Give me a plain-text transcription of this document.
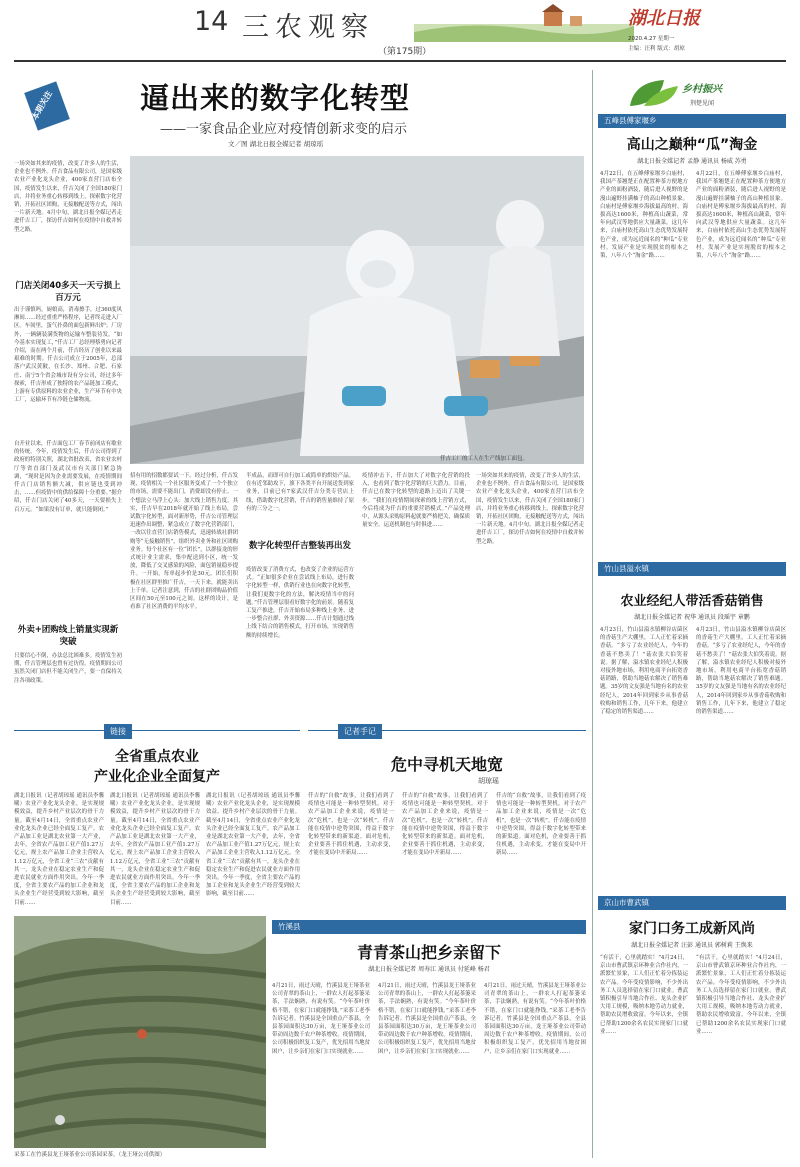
14 三农观察
（第175期）
湖北日报
2020.4.27 星期一
主编：汪利 版式：胡琼
本期关注	逼出来的数字化转型
——一家食品企业应对疫情创新求变的启示
文／图 湖北日报全媒记者 胡琼瑶
一场突如其来的疫情，改变了许多人的生活，企业也不例外。仟吉食品有限公司，是国家级农业产业化龙头企业，400家直营门店布全国，疫情发生以来，仟吉关闭了全国180家门店，并将业务重心转移到线上，探索数字化营销，开拓社区团购，无接触配送等方式，闯出一片新天地。4月中旬，湖北日报全媒记者走进仟吉工厂，探访仟吉如何在疫情中自救并转型之路。
门店关闭40多天一天亏损上百万元
出于谨慎吗，厨娘高，消毒擦手，过360度风淋间……经过重重严格程序，记者终走进入厂区。车间里，蛋气扑鼻的面包新鲜出炉；厂房外，一辆辆装满货物的运输车整装待发。“如今基本实现复工，”仟吉工厂总经理蔡勇向记者介绍，而在两个月前，仟吉经历了创业以来最艰难的时期。仟吉公司成立于2005年，总部落户武汉黄陂，在长沙、郑州、合肥、石家庄、南宁5个省会城市设有分公司，经过多年探索，仟吉形成了独特的农产品链加工模式，上游有专供原料的农业企业，生产环节有中央工厂，运输环节有冷链仓储物流。
自开业以来，仟吉面包工厂春节前闭店有歇业的传统。今年，疫情发生后，仟吉公司得到了政府的特别关照，湖北省批改表，省农业农村厅等省直部门及武汉市有关部门紧急协调，“现时是因为企业需要发展，在疫情期间仟吉门店销售额大减，供应链也受到冲击，……但疫情中的供给保障十分重要。”据介绍，仟吉门店关闭了40多天，一天要损失上百万元。“如果没有订单，就只能倒闭。”
外卖+团购线上销量实现新突破
只要信心不倒，办法总比困难多。疫情发生初期，仟吉管理层也曾有过彷徨。疫情期间公司虽然关闭门店但不能关闭生产，要一直保持关注各项政策。
仟吉工厂的工人在生产线加工面包。
招有用的招数都要试一下。经过分析，仟吉发现，疫情相关一个社区服务变成了一个个独立的市场，需要不能出门，消费却没有停止。一个想法立马浮上心头：加大线上销售力度。其实，仟吉早在2018年就开始了线上布局，尝试数字化转型，面对新形势，仟吉公司管理层迅速作出调整，紧急成立了数字化营销部门，一改以往直营门店销售模式，迅速转战社群团购等“无接触销售”，组织外卖业务和社区团购业务。每个社区有一位“团长”，以群接龙的形式统计业主需求，集中配送到小区，统一发放，降低了交叉感染的风险，面包销量稳步提升。一开始，每单起步价是30元，团长们积极在社区群里推广仟吉，一天下来，就能卖出上千单。记者注意到，仟吉的社群团购品价值区间在50元至100元之间。这样的设计，是看准了社区消费的平均水平。
半成品，而即可自行加工或简单的烘焙产品。在有近邻助攻下，旗下各类平台开展送货到家业务，目前已有7家武汉仟吉分类专营店上线，借助数字化营销，仟吉的销售量维持了原有的三分之一。
数字化转型仟吉整装再出发
疫情改变了消费方式，也改变了企业的运营方式。“正如很多企业在尝试线上布局，进行数字化转型一样，供销行业也在向数字化转型，让我们更数字化的方法，解决疫情当中的问题。”仟吉管理层很看好数字化的前景。随着复工复产推进，仟吉开始布局多种线上业务，进一步整合社群、外卖资源……仟吉计划通过线上线下结合的销售模式，打开市场，实现销售额的持续增长。
疫情冲击下，仟吉加大了对数字化营销的投入，也看到了数字化营销的巨大潜力。目前，仟吉已在数字化转型的道路上迈出了关键一步。“我们在疫情期间探索的线上营销方式，今后将成为仟吉的重要营销模式。”产品处理中，从源头采购原料起就要严格把关，确保质量安全。运送机制也与时俱进……
一场突如其来的疫情，改变了许多人的生活，企业也不例外。仟吉食品有限公司，是国家级农业产业化龙头企业，400家直营门店布全国，疫情发生以来，仟吉关闭了全国180家门店，并将业务重心转移到线上，探索数字化营销，开拓社区团购，无接触配送等方式，闯出一片新天地。4月中旬，湖北日报全媒记者走进仟吉工厂，探访仟吉如何在疫情中自救并转型之路。
乡村振兴
荆楚见闻
五峰县傅家堰乡
高山之巅种“瓜”淘金
湖北日报全媒记者 孟静 通讯员 杨威 苏勇
4月22日，在五峰傅家堰乡白庙村，我国产茶翘楚正在配置种茶方便地方产业的面粉酒装，随后进人视野的是漫山遍野挂满柚子的高山种植景象。白庙村是傅家堰乡海拔最高的村，海拔高达1600米，种植高山蔬菜，常年向武汉等地供应大量蔬菜。这几年来，白庙村依托高山生态优势发展特色产业，成为远近闻名的“种瓜”专业村。发展产业是实现脱贫的根本之策，八年八个“淘金”路……
4月22日，在五峰傅家堰乡白庙村，我国产茶翘楚正在配置种茶方便地方产业的面粉酒装，随后进人视野的是漫山遍野挂满柚子的高山种植景象。白庙村是傅家堰乡海拔最高的村，海拔高达1600米，种植高山蔬菜，常年向武汉等地供应大量蔬菜。这几年来，白庙村依托高山生态优势发展特色产业，成为远近闻名的“种瓜”专业村。发展产业是实现脱贫的根本之策，八年八个“淘金”路……
竹山县溢水镇
农业经纪人带活香菇销售
湖北日报全媒记者 祝华 通讯员 段瑶宇 章鹏
4月23日，竹山县溢水镇柳谷店菌区的香菇生产大棚里，工人正忙着采摘香菇。“多亏了农业经纪人，今年的香菇不愁卖了！”菇农张大伯笑着说。据了解，溢水镇农业经纪人积极对接外地市场，利用电商平台拓宽香菇销路，帮助当地菇农解决了销售难题。35岁的文友强是当地有名的农业经纪人，2014年回到家乡从事香菇收购和销售工作，几年下来，他建立了稳定的销售渠道……
4月23日，竹山县溢水镇柳谷店菌区的香菇生产大棚里，工人正忙着采摘香菇。“多亏了农业经纪人，今年的香菇不愁卖了！”菇农张大伯笑着说。据了解，溢水镇农业经纪人积极对接外地市场，利用电商平台拓宽香菇销路，帮助当地菇农解决了销售难题。35岁的文友强是当地有名的农业经纪人，2014年回到家乡从事香菇收购和销售工作，几年下来，他建立了稳定的销售渠道……
京山市曹武镇
家门口务工成新风尚
湖北日报全媒记者 汪彭 通讯员 郭树莉 王焕来
“有活干，心里就踏实！”4月24日，京山市曹武镇京环种业合作社内，一派繁忙景象，工人们正忙着分拣装运农产品。今年受疫情影响，不少外出务工人员选择留在家门口就业。曹武镇积极引导当地合作社、龙头企业扩大用工规模，吸纳本地劳动力就业，帮助农民增收致富。今年以来，全镇已帮助1200余名农民实现家门口就业……
“有活干，心里就踏实！”4月24日，京山市曹武镇京环种业合作社内，一派繁忙景象，工人们正忙着分拣装运农产品。今年受疫情影响，不少外出务工人员选择留在家门口就业。曹武镇积极引导当地合作社、龙头企业扩大用工规模，吸纳本地劳动力就业，帮助农民增收致富。今年以来，全镇已帮助1200余名农民实现家门口就业……
链接
全省重点农业
产业化企业全面复产
湖北日报讯（记者胡琼瑶 通讯员李馨曦）农业产业化龙头企业，是实现规模效益，提升乡村产业层次的骨干力量。截至4月14日，全省重点农业产业化龙头企业已经全面复工复产。农产品加工业是湖北农业第一大产业，去年，全省农产品加工业产值1.27万亿元，规上农产品加工企业主营收入1.12万亿元，全省工业“三农”贡献有其一，龙头企业在稳定农业生产和促进农民就业方面作用突出。今年一季度，全省主要农产品的加工企业和龙头企业生产经营受到较大影响，截至目前……
湖北日报讯（记者胡琼瑶 通讯员李馨曦）农业产业化龙头企业，是实现规模效益，提升乡村产业层次的骨干力量。截至4月14日，全省重点农业产业化龙头企业已经全面复工复产。农产品加工业是湖北农业第一大产业，去年，全省农产品加工业产值1.27万亿元，规上农产品加工企业主营收入1.12万亿元，全省工业“三农”贡献有其一，龙头企业在稳定农业生产和促进农民就业方面作用突出。今年一季度，全省主要农产品的加工企业和龙头企业生产经营受到较大影响，截至目前……
湖北日报讯（记者胡琼瑶 通讯员李馨曦）农业产业化龙头企业，是实现规模效益，提升乡村产业层次的骨干力量。截至4月14日，全省重点农业产业化龙头企业已经全面复工复产。农产品加工业是湖北农业第一大产业，去年，全省农产品加工业产值1.27万亿元，规上农产品加工企业主营收入1.12万亿元，全省工业“三农”贡献有其一，龙头企业在稳定农业生产和促进农民就业方面作用突出。今年一季度，全省主要农产品的加工企业和龙头企业生产经营受到较大影响，截至目前……
记者手记
危中寻机天地宽
胡琼瑶
仟吉的“自救”故事，让我们看到了疫情也可能是一种转型契机。对于农产品加工企业来说，疫情是一次“危机”，也是一次“转机”。仟吉能在疫情中逆势突围，得益于数字化转型带来的新渠道。面对危机，企业要善于抓住机遇，主动求变，才能在变局中开新局……
仟吉的“自救”故事，让我们看到了疫情也可能是一种转型契机。对于农产品加工企业来说，疫情是一次“危机”，也是一次“转机”。仟吉能在疫情中逆势突围，得益于数字化转型带来的新渠道。面对危机，企业要善于抓住机遇，主动求变，才能在变局中开新局……
仟吉的“自救”故事，让我们看到了疫情也可能是一种转型契机。对于农产品加工企业来说，疫情是一次“危机”，也是一次“转机”。仟吉能在疫情中逆势突围，得益于数字化转型带来的新渠道。面对危机，企业要善于抓住机遇，主动求变，才能在变局中开新局……
采茶工在竹溪县龙王垭茶业公司茶园采茶。（龙王垭公司供图）
竹溪县
青青茶山把乡亲留下
湖北日报全媒记者 周寿江 通讯员 付延峰 杨君
4月21日，雨过天晴，竹溪县龙王垭茶业公司青翠的茶山上，一群农人打起茶篓采茶，手法娴熟，有说有笑。“今年茶叶价格不错，在家门口就能挣钱。”采茶工老李告诉记者。竹溪县是全国重点产茶县，全县茶园面积达30万亩，龙王垭茶业公司带动周边数千农户种茶增收。疫情期间，公司积极组织复工复产，优先招用当地贫困户，让乡亲们在家门口实现就业……
4月21日，雨过天晴，竹溪县龙王垭茶业公司青翠的茶山上，一群农人打起茶篓采茶，手法娴熟，有说有笑。“今年茶叶价格不错，在家门口就能挣钱。”采茶工老李告诉记者。竹溪县是全国重点产茶县，全县茶园面积达30万亩，龙王垭茶业公司带动周边数千农户种茶增收。疫情期间，公司积极组织复工复产，优先招用当地贫困户，让乡亲们在家门口实现就业……
4月21日，雨过天晴，竹溪县龙王垭茶业公司青翠的茶山上，一群农人打起茶篓采茶，手法娴熟，有说有笑。“今年茶叶价格不错，在家门口就能挣钱。”采茶工老李告诉记者。竹溪县是全国重点产茶县，全县茶园面积达30万亩，龙王垭茶业公司带动周边数千农户种茶增收。疫情期间，公司积极组织复工复产，优先招用当地贫困户，让乡亲们在家门口实现就业……
